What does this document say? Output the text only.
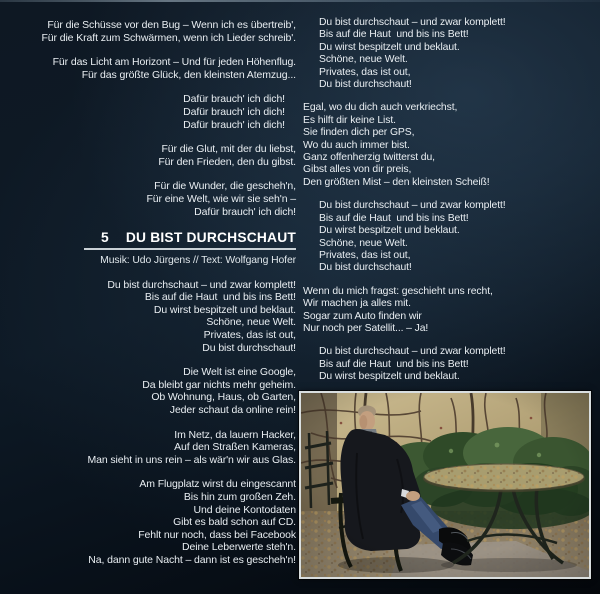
Für die Schüsse vor den Bug – Wenn ich es übertreib',
Für die Kraft zum Schwärmen, wenn ich Lieder schreib'.
Für das Licht am Horizont – Und für jeden Höhenflug.
Für das größte Glück, den kleinsten Atemzug...
Dafür brauch' ich dich!
Dafür brauch' ich dich!
Dafür brauch' ich dich!
Für die Glut, mit der du liebst,
Für den Frieden, den du gibst.
Für die Wunder, die gescheh'n,
Für eine Welt, wie wir sie seh'n –
Dafür brauch' ich dich!
5 DU BIST DURCHSCHAUT
Musik: Udo Jürgens // Text: Wolfgang Hofer
Du bist durchschaut – und zwar komplett!
Bis auf die Haut  und bis ins Bett!
Du wirst bespitzelt und beklaut.
Schöne, neue Welt.
Privates, das ist out,
Du bist durchschaut!
Die Welt ist eine Google,
Da bleibt gar nichts mehr geheim.
Ob Wohnung, Haus, ob Garten,
Jeder schaut da online rein!
Im Netz, da lauern Hacker,
Auf den Straßen Kameras,
Man sieht in uns rein – als wär'n wir aus Glas.
Am Flugplatz wirst du eingescannt
Bis hin zum großen Zeh.
Und deine Kontodaten
Gibt es bald schon auf CD.
Fehlt nur noch, dass bei Facebook
Deine Leberwerte steh'n.
Na, dann gute Nacht – dann ist es gescheh'n!
Du bist durchschaut – und zwar komplett!
Bis auf die Haut  und bis ins Bett!
Du wirst bespitzelt und beklaut.
Schöne, neue Welt.
Privates, das ist out,
Du bist durchschaut!
Egal, wo du dich auch verkriechst,
Es hilft dir keine List.
Sie finden dich per GPS,
Wo du auch immer bist.
Ganz offenherzig twitterst du,
Gibst alles von dir preis,
Den größten Mist – den kleinsten Scheiß!
Du bist durchschaut – und zwar komplett!
Bis auf die Haut  und bis ins Bett!
Du wirst bespitzelt und beklaut.
Schöne, neue Welt.
Privates, das ist out,
Du bist durchschaut!
Wenn du mich fragst: geschieht uns recht,
Wir machen ja alles mit.
Sogar zum Auto finden wir
Nur noch per Satellit... – Ja!
Du bist durchschaut – und zwar komplett!
Bis auf die Haut  und bis ins Bett!
Du wirst bespitzelt und beklaut.
